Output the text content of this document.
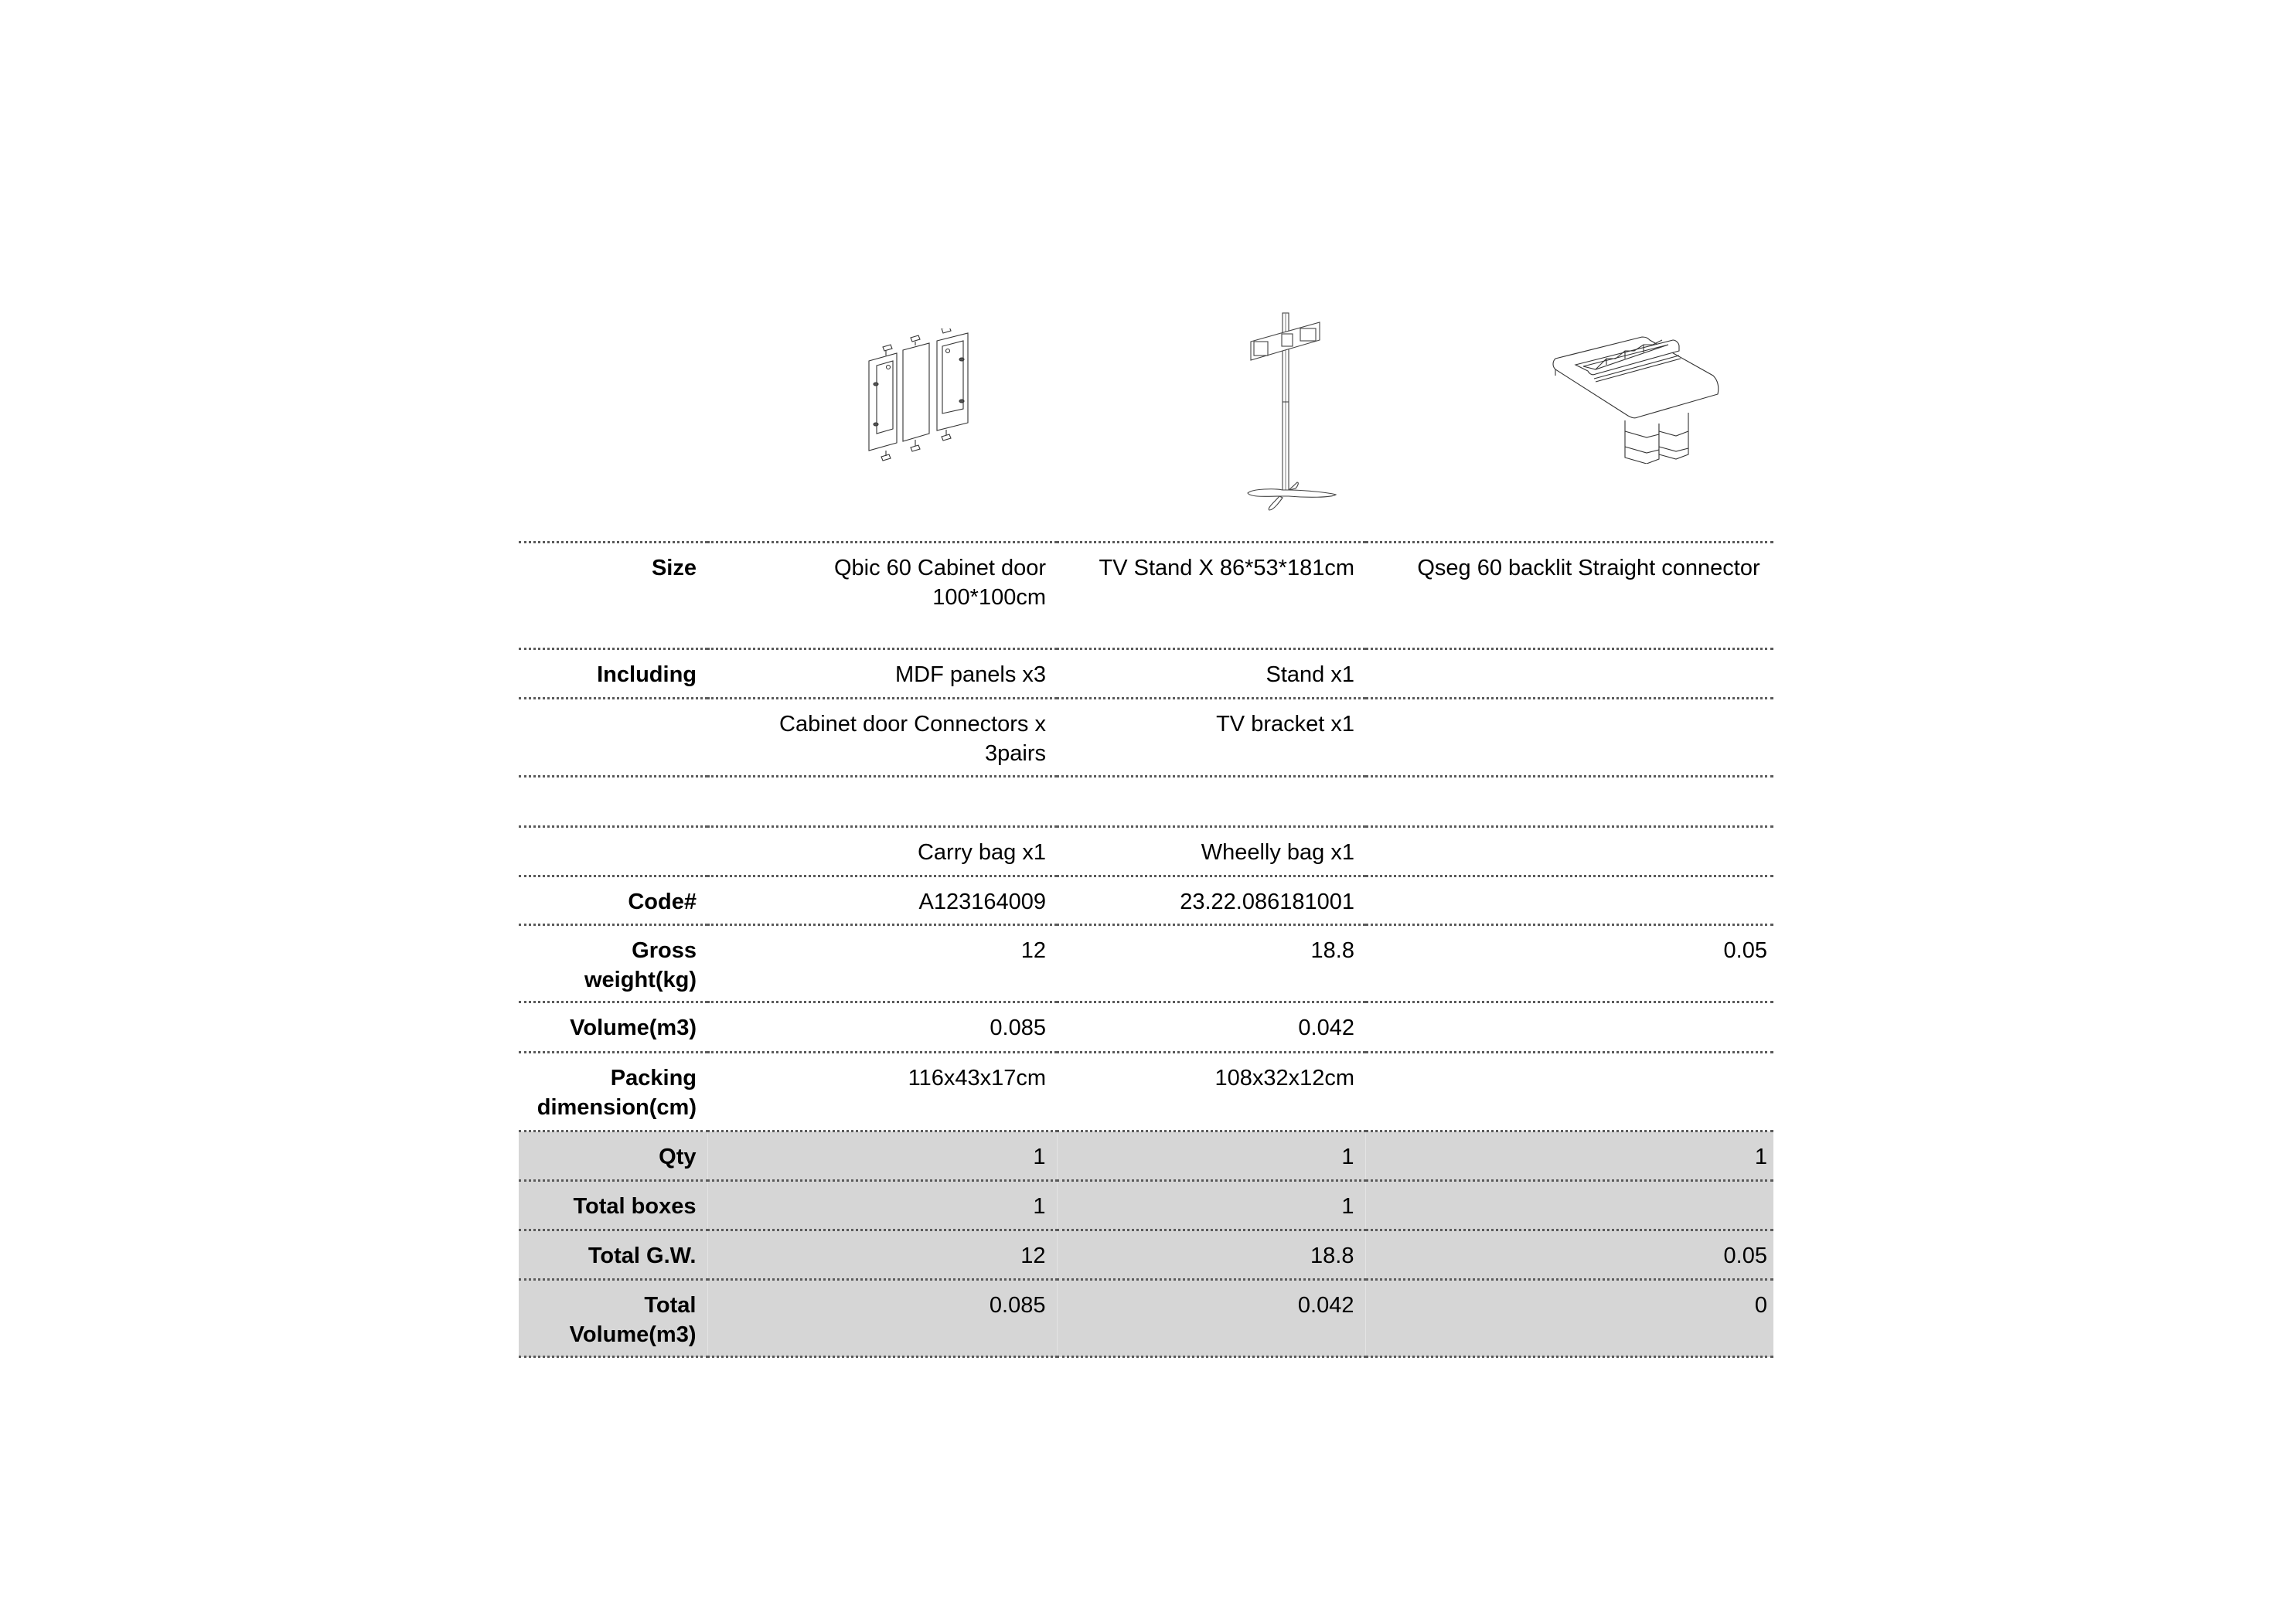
Size	Qbic 60 Cabinet door 100*100cm	TV Stand X 86*53*181cm	Qseg 60 backlit Straight connector
Including	MDF panels x3	Stand x1	
	Cabinet door Connectors x 3pairs	TV bracket x1	

	Carry bag x1	Wheelly bag x1	
Code#	A123164009	23.22.086181001	
Gross weight(kg)	12	18.8	0.05
Volume(m3)	0.085	0.042	
Packing dimension(cm)	116x43x17cm	108x32x12cm	
Qty	1	1	1
Total boxes	1	1	
Total G.W.	12	18.8	0.05
Total Volume(m3)	0.085	0.042	0
